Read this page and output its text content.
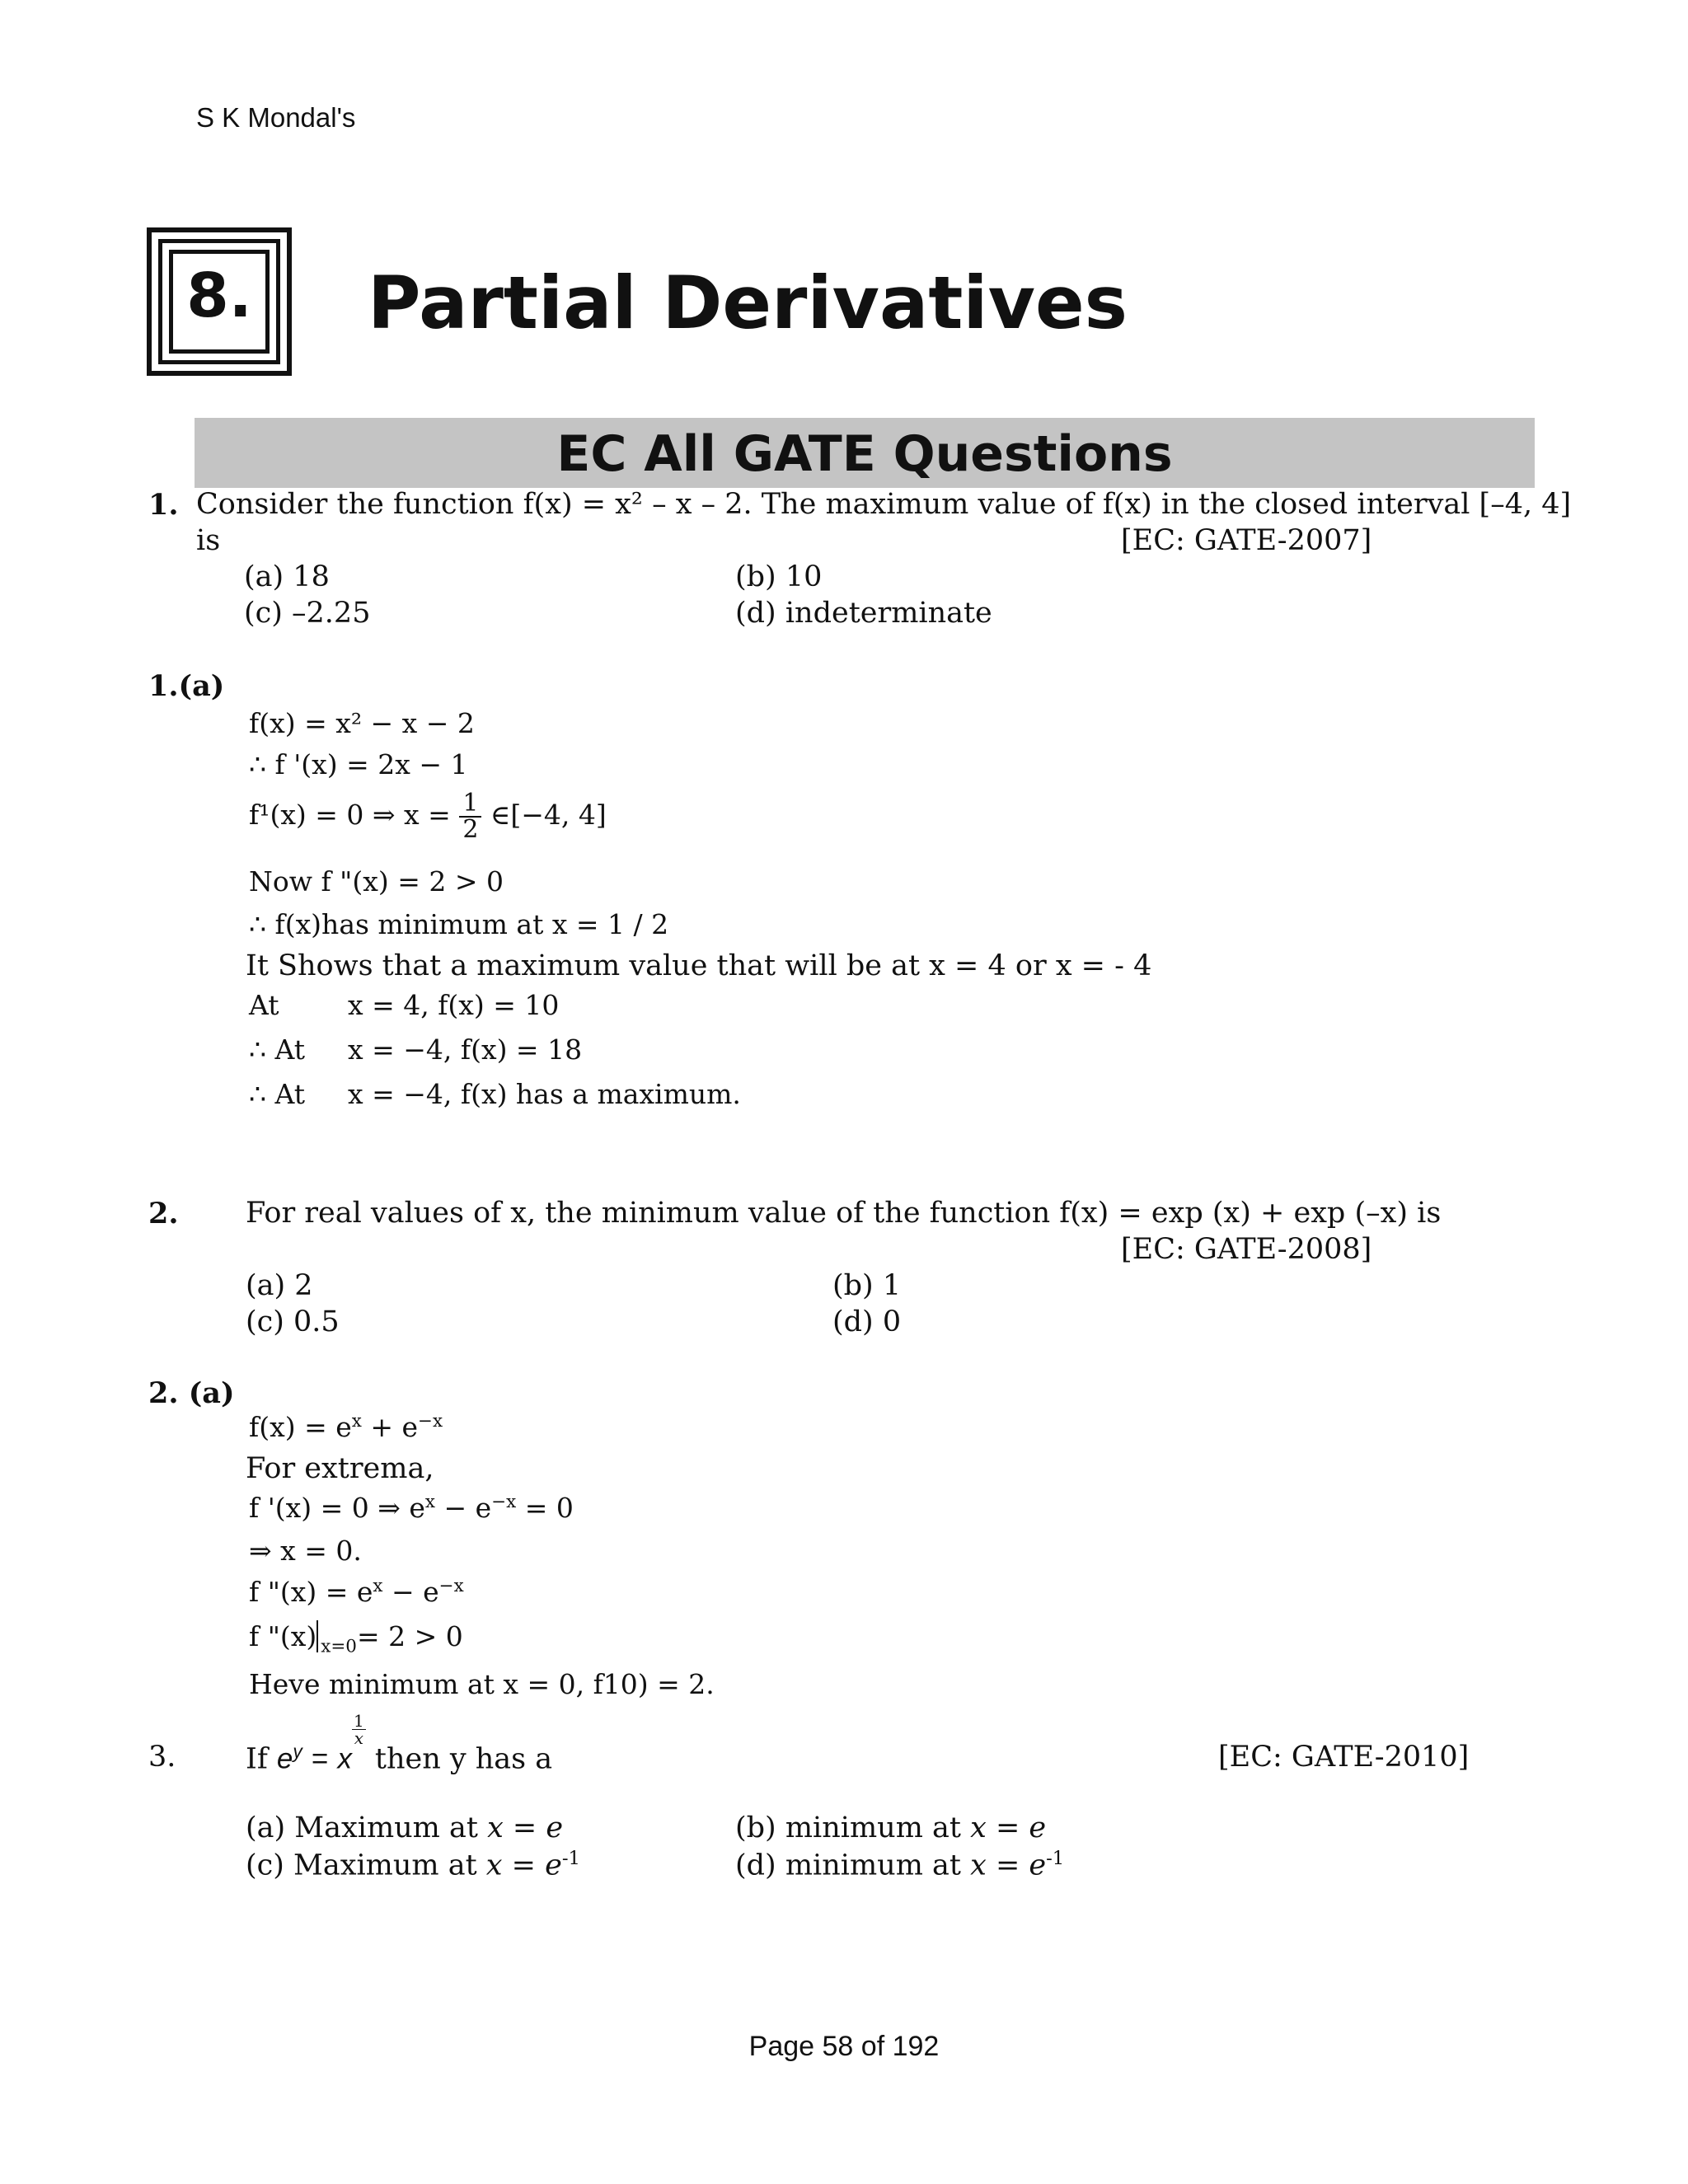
S K Mondal's
8.	Partial Derivatives
EC All GATE Questions
1. Consider the function f(x) = x² – x – 2. The maximum value of f(x) in the closed interval [–4, 4]
is	[EC: GATE-2007]
(a) 18	(b) 10
(c) –2.25	(d) indeterminate
1.(a)
f(x) = x² − x − 2
∴ f '(x) = 2x − 1
f¹(x) = 0 ⇒ $x = \frac{1}{2}$ ∈[−4, 4]
Now f "(x) = 2 > 0
∴ f(x)has minimum at x = 1 / 2
It Shows that a maximum value that will be at x = 4 or x = - 4
At	x = 4, f(x) = 10
∴ At x = −4, f(x) = 18
∴ At x = −4, f(x) has a maximum.
2. For real values of x, the minimum value of the function f(x) = exp (x) + exp (–x) is
[EC: GATE-2008]
(a) 2	(b) 1
(c) 0.5	(d) 0
2. (a)
$f(x) = e^x + e^{-x}$
For extrema,
f '(x) = 0 ⇒ $e^x - e^{-x} = 0$
⇒ x = 0.
f "$(x) = e^x - e^{-x}$
f "(x) $_{x=0}$= 2 > 0
Heve minimum at x = 0, f10) = 2.
3. If $e^y = x$
$\frac{1}{x}$
then y has a	[EC: GATE-2010]
(a) Maximum at x = e	(b) minimum at x = e
(c) Maximum at $x = e^{-1}$	(d) minimum at $x = e^{-1}$
Page 58 of 192
